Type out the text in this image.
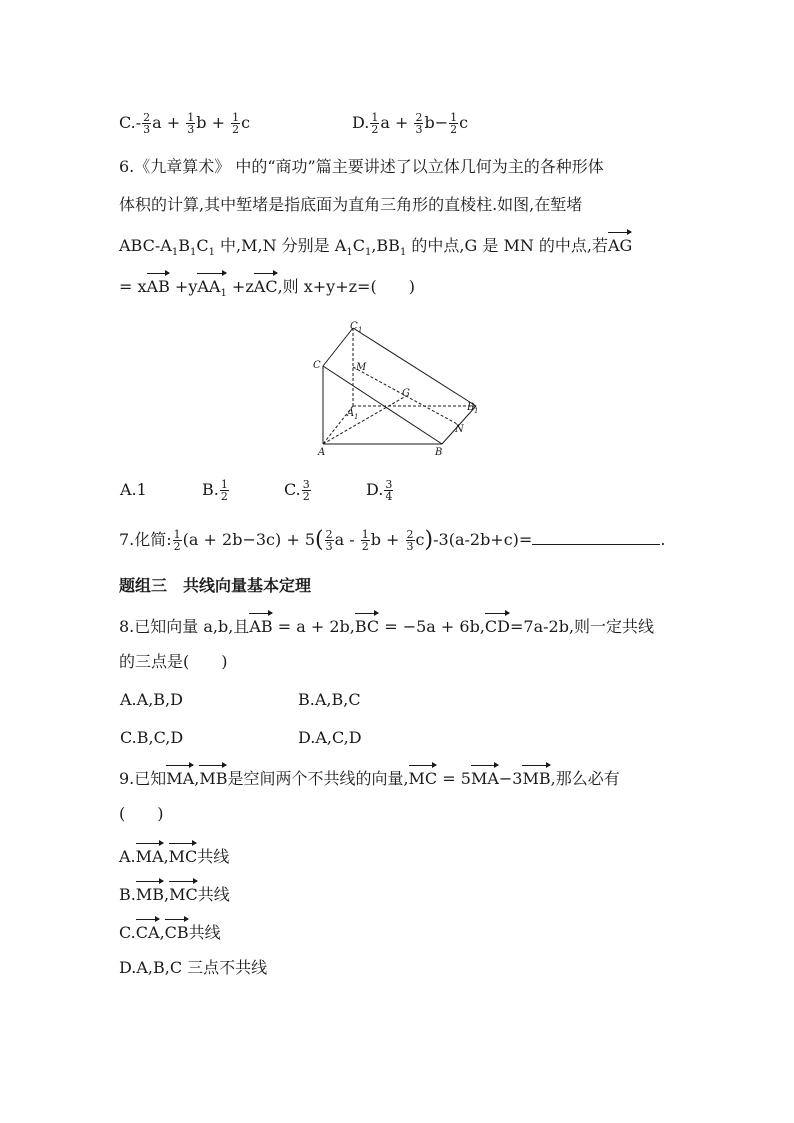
$C.- \frac{2}{3}$ $a + \frac{1}{3}$ $b + \frac{1}{2}$ c	D. $\frac{1}{2}$ $a + \frac{2}{3} b- \frac{1}{2}$ c
6.《九章算术》 中的“商功”篇主要讲述了以立体几何为主的各种形体
体积的计算,其中堑堵是指底面为直角三角形的直棱柱.如图,在堑堵
ABC-$A_1B_1C_1$ 中,M,N 分别是 $A_1C_1,BB_1$ 的中点,G 是 MN 的中点,若AG
= xAB +yAA$_1$ +zAC,则 x+y+z=(　　)
C 1
C	M
G
A 1
B 1
N
A	B
A.1	B. $\frac{1}{2}$	C. $\frac{3}{2}$	D. $\frac{3}{4}$
7.化简: $\frac{1}{2} (a + 2b-3c) + 5( \frac{2}{3}$ a - $\frac{1}{2}$ $b + \frac{2}{3} c)-3(a-2b+c)=$	.
题组三　共线向量基本定理
8.已知向量 a,b,且AB = a + 2b,BC = −5a + 6b,CD=7a-2b,则一定共线
的三点是(　　)
A.A,B,D	B.A,B,C
C.B,C,D	D.A,C,D
9.已知MA,MB是空间两个不共线的向量,MC = 5MA−3MB,那么必有
(　　)
A.MA,MC共线
B.MB,MC共线
C.CA,CB共线
D.A,B,C 三点不共线
